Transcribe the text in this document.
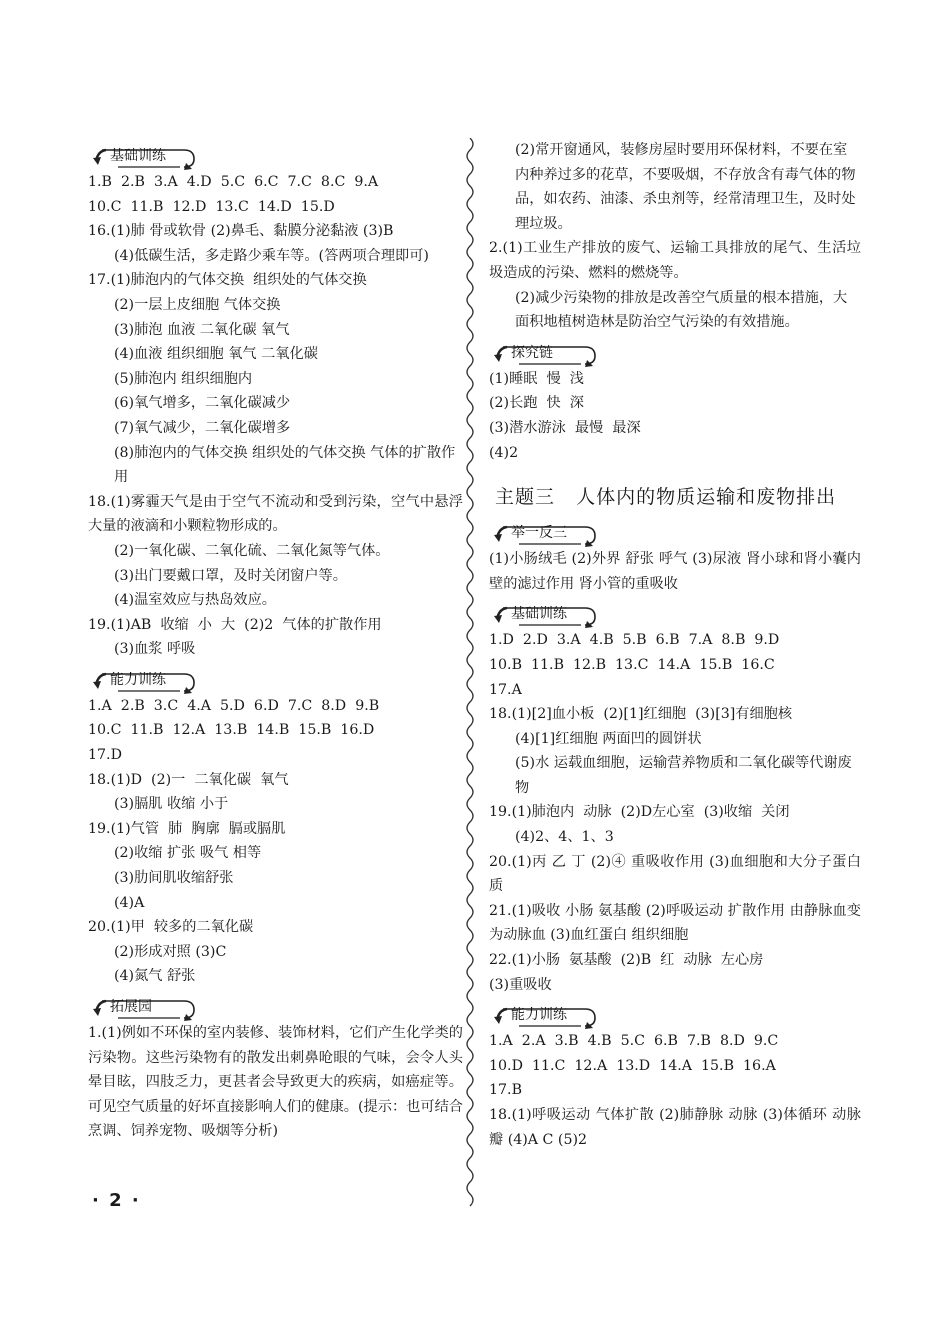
基础训练
1.B  2.B  3.A  4.D  5.C  6.C  7.C  8.C  9.A
10.C  11.B  12.D  13.C  14.D  15.D
16.(1)肺 骨或软骨 (2)鼻毛、黏膜分泌黏液 (3)B
(4)低碳生活，多走路少乘车等。(答两项合理即可)
17.(1)肺泡内的气体交换  组织处的气体交换
(2)一层上皮细胞 气体交换
(3)肺泡 血液 二氧化碳 氧气
(4)血液 组织细胞 氧气 二氧化碳
(5)肺泡内 组织细胞内
(6)氧气增多，二氧化碳减少
(7)氧气减少，二氧化碳增多
(8)肺泡内的气体交换 组织处的气体交换 气体的扩散作用
18.(1)雾霾天气是由于空气不流动和受到污染，空气中悬浮大量的液滴和小颗粒物形成的。
(2)一氧化碳、二氧化硫、二氧化氮等气体。
(3)出门要戴口罩，及时关闭窗户等。
(4)温室效应与热岛效应。
19.(1)AB  收缩  小  大  (2)2  气体的扩散作用
(3)血浆 呼吸
能力训练
1.A  2.B  3.C  4.A  5.D  6.D  7.C  8.D  9.B
10.C  11.B  12.A  13.B  14.B  15.B  16.D
17.D
18.(1)D  (2)一  二氧化碳  氧气
(3)膈肌 收缩 小于
19.(1)气管  肺  胸廓  膈或膈肌
(2)收缩 扩张 吸气 相等
(3)肋间肌收缩舒张
(4)A
20.(1)甲  较多的二氧化碳
(2)形成对照 (3)C
(4)氮气 舒张
拓展园
1.(1)例如不环保的室内装修、装饰材料，它们产生化学类的污染物。这些污染物有的散发出刺鼻呛眼的气味，会令人头晕目眩，四肢乏力，更甚者会导致更大的疾病，如癌症等。可见空气质量的好坏直接影响人们的健康。(提示：也可结合烹调、饲养宠物、吸烟等分析)
(2)常开窗通风，装修房屋时要用环保材料，不要在室内种养过多的花草，不要吸烟，不存放含有毒气体的物品，如农药、油漆、杀虫剂等，经常清理卫生，及时处理垃圾。
2.(1)工业生产排放的废气、运输工具排放的尾气、生活垃圾造成的污染、燃料的燃烧等。
(2)减少污染物的排放是改善空气质量的根本措施，大面积地植树造林是防治空气污染的有效措施。
探究链
(1)睡眠  慢  浅
(2)长跑  快  深
(3)潜水游泳  最慢  最深
(4)2
主题三   人体内的物质运输和废物排出
举一反三
(1)小肠绒毛 (2)外界 舒张 呼气 (3)尿液 肾小球和肾小囊内壁的滤过作用 肾小管的重吸收
基础训练
1.D  2.D  3.A  4.B  5.B  6.B  7.A  8.B  9.D
10.B  11.B  12.B  13.C  14.A  15.B  16.C
17.A
18.(1)[2]血小板  (2)[1]红细胞  (3)[3]有细胞核
(4)[1]红细胞 两面凹的圆饼状
(5)水 运载血细胞，运输营养物质和二氧化碳等代谢废物
19.(1)肺泡内  动脉  (2)D左心室  (3)收缩  关闭
(4)2、4、1、3
20.(1)丙 乙 丁 (2)④ 重吸收作用 (3)血细胞和大分子蛋白质
21.(1)吸收 小肠 氨基酸 (2)呼吸运动 扩散作用 由静脉血变为动脉血 (3)血红蛋白 组织细胞
22.(1)小肠  氨基酸  (2)B  红  动脉  左心房
(3)重吸收
能力训练
1.A  2.A  3.B  4.B  5.C  6.B  7.B  8.D  9.C
10.D  11.C  12.A  13.D  14.A  15.B  16.A
17.B
18.(1)呼吸运动 气体扩散 (2)肺静脉 动脉 (3)体循环 动脉瓣 (4)A C (5)2
· 2 ·
